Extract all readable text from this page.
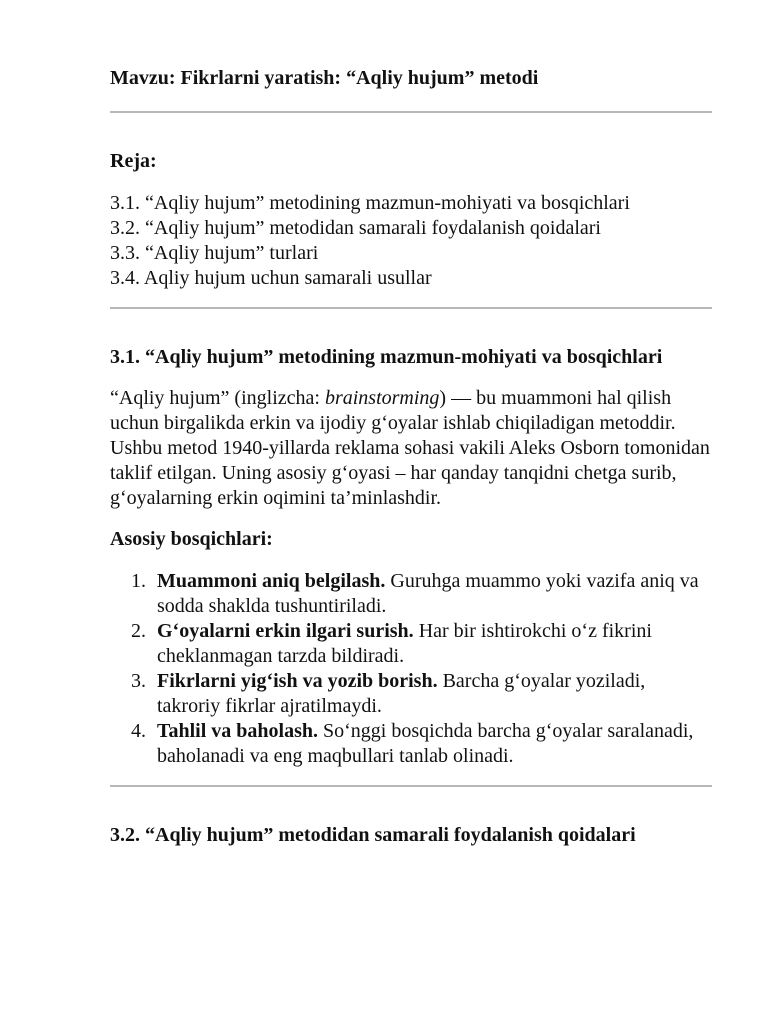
Mavzu: Fikrlarni yaratish: “Aqliy hujum” metodi

Reja:

3.1. “Aqliy hujum” metodining mazmun-mohiyati va bosqichlari
3.2. “Aqliy hujum” metodidan samarali foydalanish qoidalari
3.3. “Aqliy hujum” turlari
3.4. Aqliy hujum uchun samarali usullar

3.1. “Aqliy hujum” metodining mazmun-mohiyati va bosqichlari

“Aqliy hujum” (inglizcha: brainstorming) — bu muammoni hal qilish uchun birgalikda erkin va ijodiy g‘oyalar ishlab chiqiladigan metoddir. Ushbu metod 1940-yillarda reklama sohasi vakili Aleks Osborn tomonidan taklif etilgan. Uning asosiy g‘oyasi – har qanday tanqidni chetga surib, g‘oyalarning erkin oqimini ta’minlashdir.

Asosiy bosqichlari:

1. Muammoni aniq belgilash. Guruhga muammo yoki vazifa aniq va sodda shaklda tushuntiriladi.
2. G‘oyalarni erkin ilgari surish. Har bir ishtirokchi o‘z fikrini cheklanmagan tarzda bildiradi.
3. Fikrlarni yig‘ish va yozib borish. Barcha g‘oyalar yoziladi, takroriy fikrlar ajratilmaydi.
4. Tahlil va baholash. So‘nggi bosqichda barcha g‘oyalar saralanadi, baholanadi va eng maqbullari tanlab olinadi.

3.2. “Aqliy hujum” metodidan samarali foydalanish qoidalari
